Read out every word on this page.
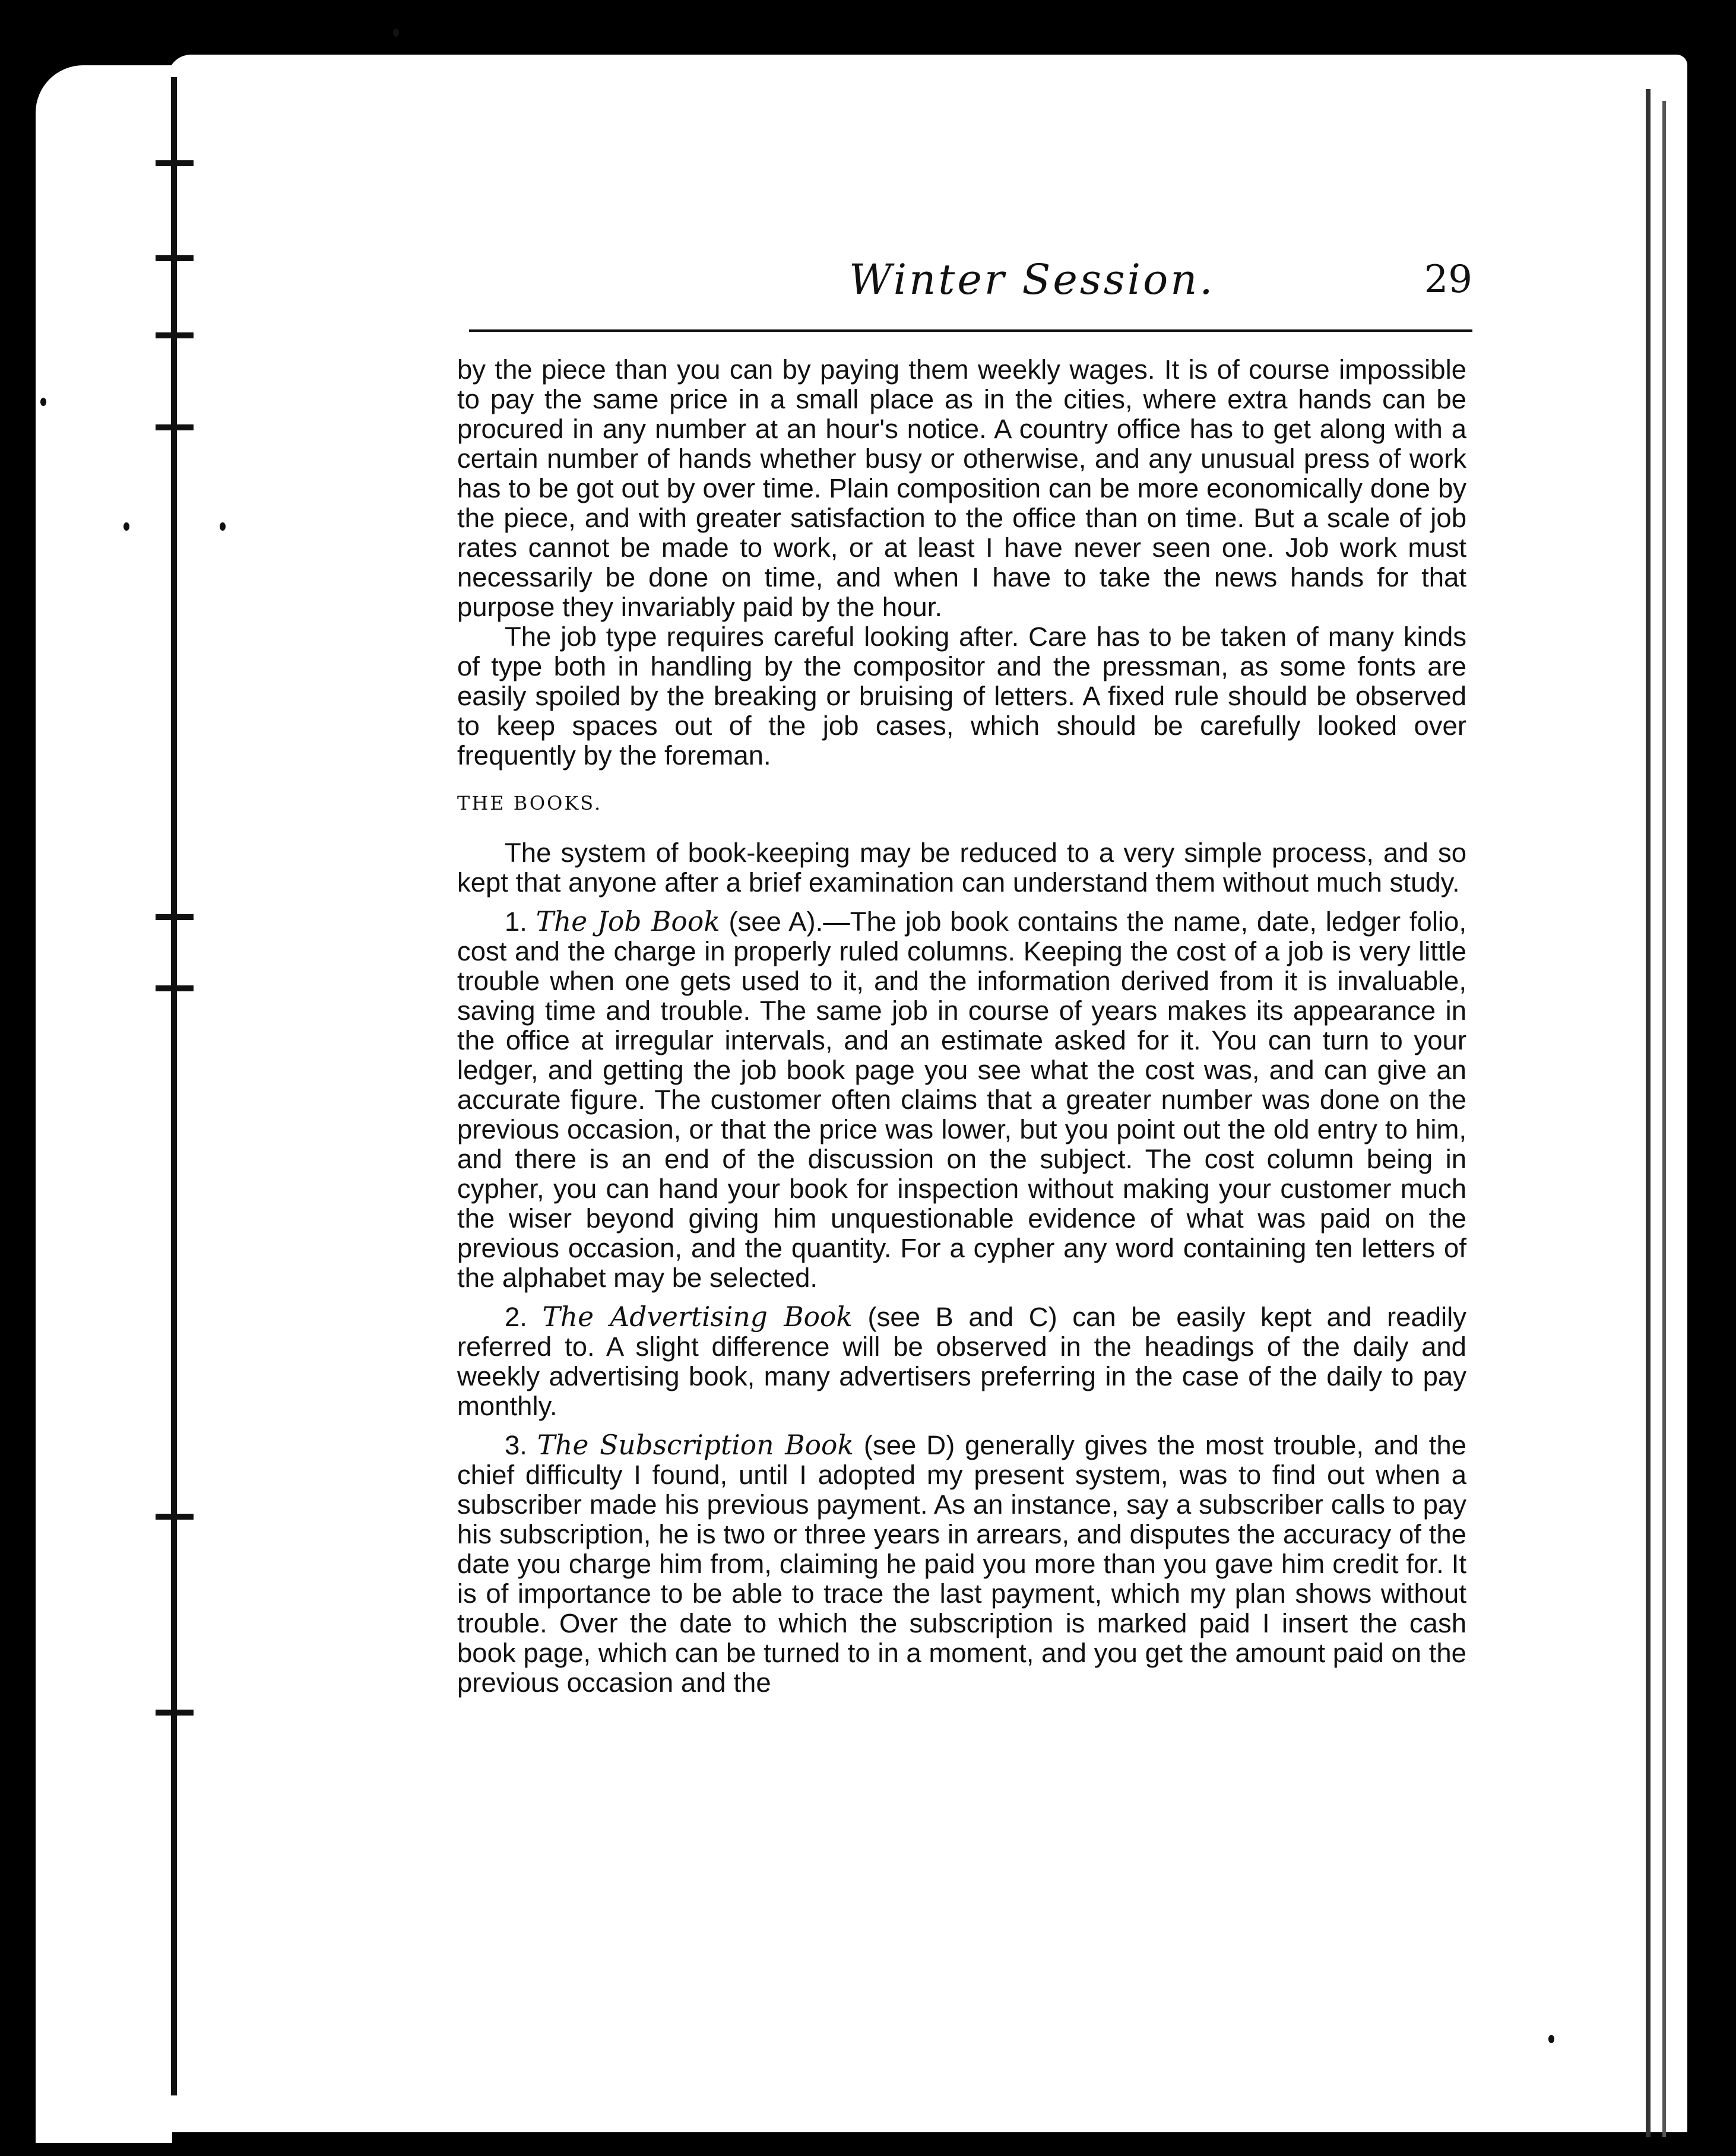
Winter Session.	29

by the piece than you can by paying them weekly wages. It is of course impossible to pay the same price in a small place as in the cities, where extra hands can be procured in any number at an hour's notice. A country office has to get along with a certain number of hands whether busy or otherwise, and any unusual press of work has to be got out by over time. Plain composition can be more economically done by the piece, and with greater satisfaction to the office than on time. But a scale of job rates cannot be made to work, or at least I have never seen one. Job work must necessarily be done on time, and when I have to take the news hands for that purpose they invariably paid by the hour.

The job type requires careful looking after. Care has to be taken of many kinds of type both in handling by the compositor and the pressman, as some fonts are easily spoiled by the breaking or bruising of letters. A fixed rule should be observed to keep spaces out of the job cases, which should be carefully looked over frequently by the foreman.

THE BOOKS.

The system of book-keeping may be reduced to a very simple process, and so kept that anyone after a brief examination can understand them without much study.

1. The Job Book (see A).—The job book contains the name, date, ledger folio, cost and the charge in properly ruled columns. Keeping the cost of a job is very little trouble when one gets used to it, and the information derived from it is invaluable, saving time and trouble. The same job in course of years makes its appearance in the office at irregular intervals, and an estimate asked for it. You can turn to your ledger, and getting the job book page you see what the cost was, and can give an accurate figure. The customer often claims that a greater number was done on the previous occasion, or that the price was lower, but you point out the old entry to him, and there is an end of the discussion on the subject. The cost column being in cypher, you can hand your book for inspection without making your customer much the wiser beyond giving him unquestionable evidence of what was paid on the previous occasion, and the quantity. For a cypher any word containing ten letters of the alphabet may be selected.

2. The Advertising Book (see B and C) can be easily kept and readily referred to. A slight difference will be observed in the headings of the daily and weekly advertising book, many advertisers preferring in the case of the daily to pay monthly.

3. The Subscription Book (see D) generally gives the most trouble, and the chief difficulty I found, until I adopted my present system, was to find out when a subscriber made his previous payment. As an instance, say a subscriber calls to pay his subscription, he is two or three years in arrears, and disputes the accuracy of the date you charge him from, claiming he paid you more than you gave him credit for. It is of importance to be able to trace the last payment, which my plan shows without trouble. Over the date to which the subscription is marked paid I insert the cash book page, which can be turned to in a moment, and you get the amount paid on the previous occasion and the
